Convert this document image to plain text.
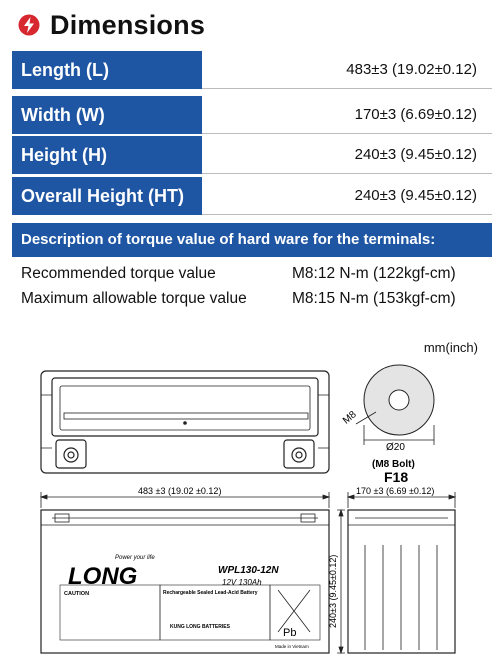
Dimensions
Length (L)	483±3 (19.02±0.12)
Width (W)	170±3 (6.69±0.12)
Height (H)	240±3 (9.45±0.12)
Overall Height (HT)	240±3 (9.45±0.12)
Description of torque value of hard ware for the terminals:
Recommended torque value	M8:12 N-m (122kgf-cm)
Maximum allowable torque value	M8:15 N-m (153kgf-cm)
mm(inch)
M8
Ø20
(M8 Bolt)
F18
483 ±3 (19.02 ±0.12)	170 ±3 (6.69 ±0.12)
Power your life
LONG	WPL130-12N
12V 130Ah
CAUTION	Rechargeable Sealed Lead-Acid Battery
Pb
KUNG LONG BATTERIES
Made in Vietnam
240±3 (9.45±0.12)
